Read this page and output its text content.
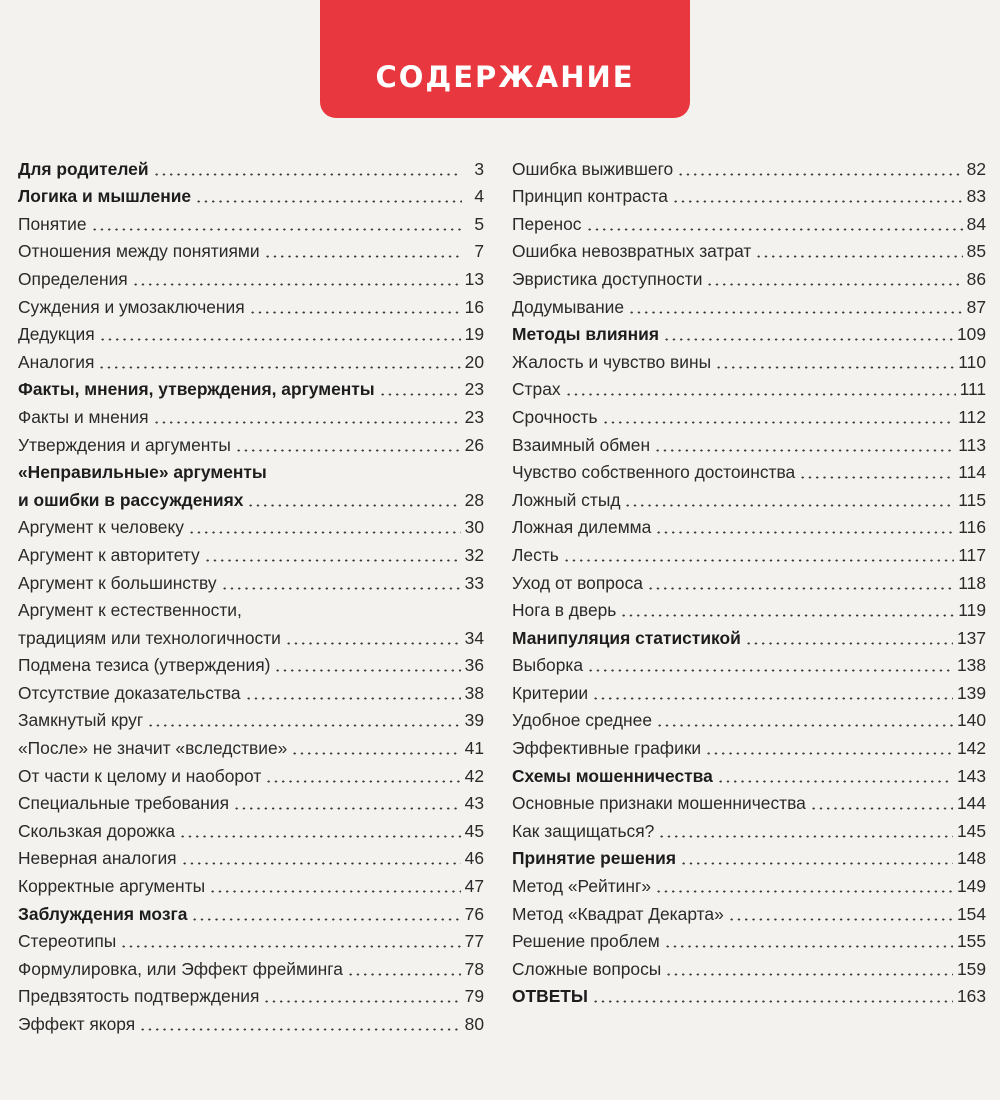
СОДЕРЖАНИЕ
Для родителей	3
Логика и мышление	4
Понятие	5
Отношения между понятиями	7
Определения	13
Суждения и умозаключения	16
Дедукция	19
Аналогия	20
Факты, мнения, утверждения, аргументы	23
Факты и мнения	23
Утверждения и аргументы	26
«Неправильные» аргументы
и ошибки в рассуждениях	28
Аргумент к человеку	30
Аргумент к авторитету	32
Аргумент к большинству	33
Аргумент к естественности,
традициям или технологичности	34
Подмена тезиса (утверждения)	36
Отсутствие доказательства	38
Замкнутый круг	39
«После» не значит «вследствие»	41
От части к целому и наоборот	42
Специальные требования	43
Скользкая дорожка	45
Неверная аналогия	46
Корректные аргументы	47
Заблуждения мозга	76
Стереотипы	77
Формулировка, или Эффект фрейминга	78
Предвзятость подтверждения	79
Эффект якоря	80
Ошибка выжившего	82
Принцип контраста	83
Перенос	84
Ошибка невозвратных затрат	85
Эвристика доступности	86
Додумывание	87
Методы влияния	109
Жалость и чувство вины	110
Страх	111
Срочность	112
Взаимный обмен	113
Чувство собственного достоинства	114
Ложный стыд	115
Ложная дилемма	116
Лесть	117
Уход от вопроса	118
Нога в дверь	119
Манипуляция статистикой	137
Выборка	138
Критерии	139
Удобное среднее	140
Эффективные графики	142
Схемы мошенничества	143
Основные признаки мошенничества	144
Как защищаться?	145
Принятие решения	148
Метод «Рейтинг»	149
Метод «Квадрат Декарта»	154
Решение проблем	155
Сложные вопросы	159
ОТВЕТЫ	163
